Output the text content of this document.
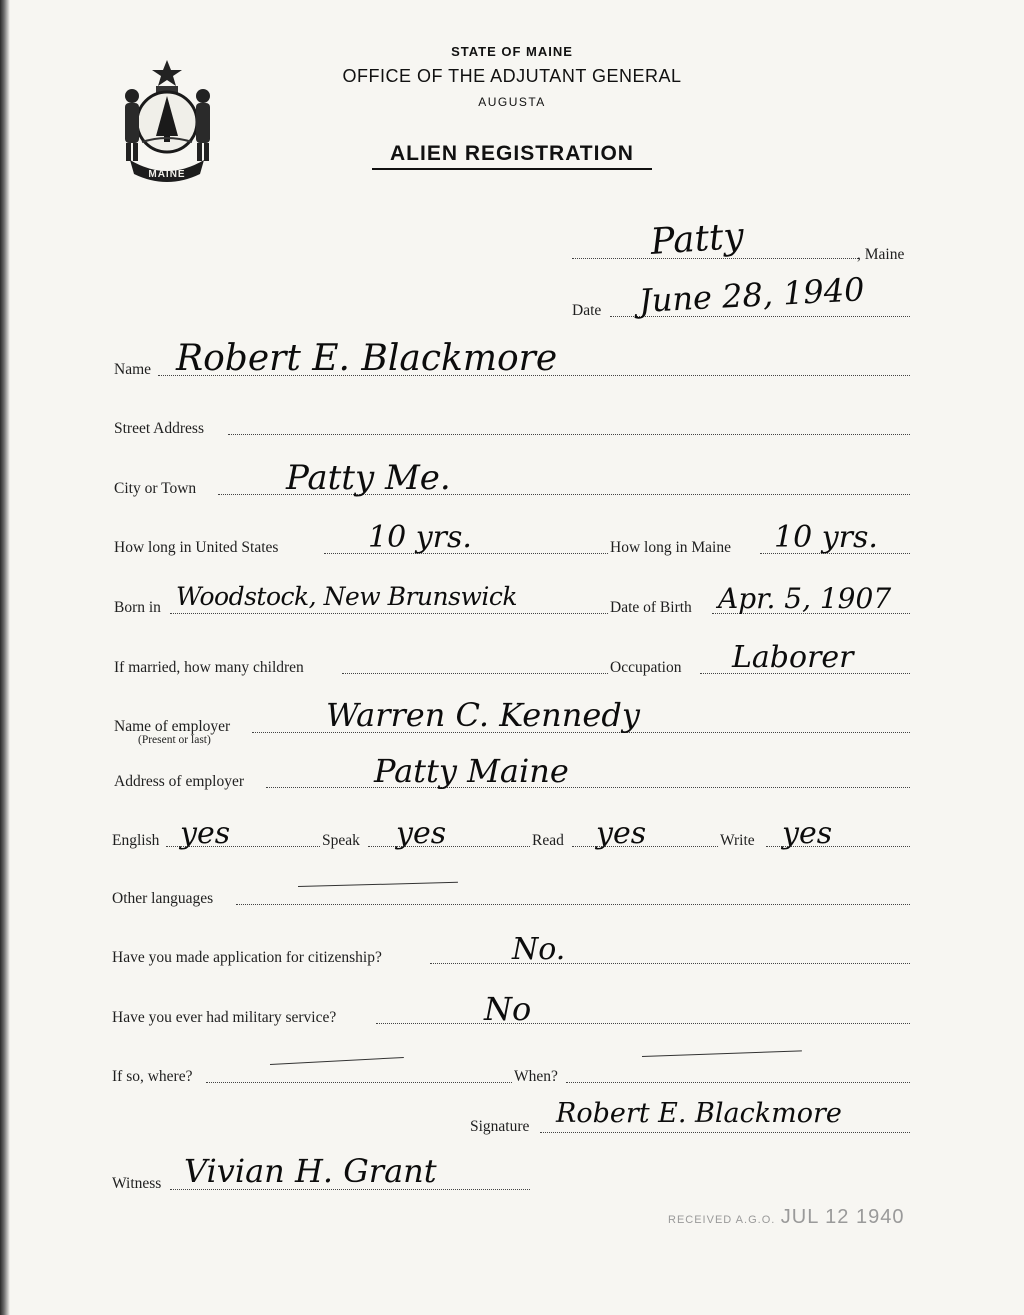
MAINE
STATE OF MAINE
OFFICE OF THE ADJUTANT GENERAL
AUGUSTA
ALIEN REGISTRATION
, Maine
Patty
Date June 28, 1940
Name Robert E. Blackmore
Street Address
City or Town	Patty Me.
How long in United States	10 yrs.	How long in Maine 10 yrs.
Born in Woodstock, New Brunswick	Date of Birth Apr. 5, 1907
If married, how many children	Occupation Laborer
Name of employer
(Present or last)
Warren C. Kennedy
Address of employer	Patty Maine
English yes	Speak yes	Read yes	Write yes
Other languages
Have you made application for citizenship?	No.
Have you ever had military service?	No
If so, where?	When?
Signature Robert E. Blackmore
Witness Vivian H. Grant
RECEIVED A.G.O. JUL 12 1940
